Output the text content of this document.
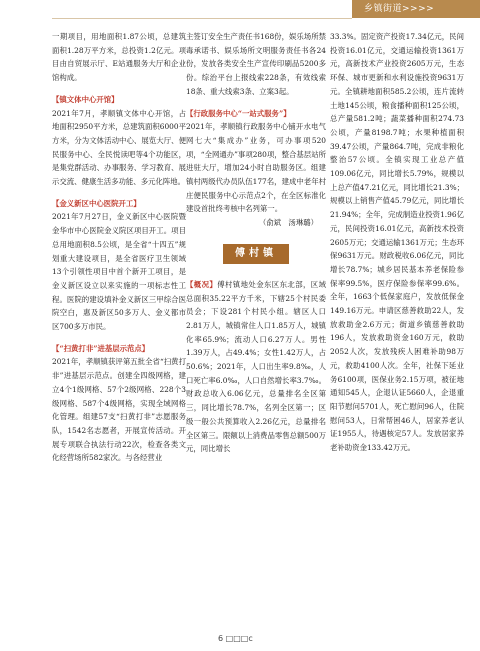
乡镇街道>>>>

一期项目，用地面积1.87公顷，总建筑面积1.28万平方米，总投资1.2亿元。项目由自贸展示厅、E站通服务大厅和企业馆构成。

【镇文体中心开馆】

2021年7月，孝顺镇文体中心开馆，占地面积2950平方米，总建筑面积6000平方米，分为文体活动中心、展览大厅、便民服务中心、全民悦读吧等4个功能区，是集党群活动、办事服务、学习教育、展示交流、健康生活多功能、多元化阵地。

【金义新区中心医院开工】

2021年7月27日，金义新区中心医院暨金华市中心医院金义院区项目开工。项目总用地面积8.5公顷，是全省“十四五”规划重大建设项目，是全省医疗卫生领域13个引领性项目中首个新开工项目，是金义新区设立以来实施的一项标志性工程。医院的建设填补金义新区三甲综合医院空白，惠及新区50多万人、金义都市区700多万市民。

【“扫黄打非”进基层示范点】

2021年，孝顺镇获评第五批全省“扫黄打非”进基层示范点。创建全四级网格，建立4个1级网格、57个2级网格、228个3级网格、587个4级网格，实现全域网格化管理。组建57支“扫黄打非”志愿服务队，1542名志愿者，开展宣传活动。开展专项联合执法行动22次，检查各类文化经营场所582家次。与各经营业

主签订安全生产责任书168份，娱乐场所禁毒承诺书、娱乐场所文明服务责任书各24份，发放各类安全生产宣传印刷品5200多份。综治平台上报线索228条，有效线索18条、重大线索3条、立案3起。

【行政服务中心“一站式服务”】

2021年，孝顺镇行政服务中心铺开水电气网七大“集成办”业务，可办事项520项，“全网通办”事项280项，整合基层站所进驻大厅，增加24小时自助服务区。组建镇村两级代办员队伍177名，建成中老年村庄便民服务中心示范点2个，在全区标准化建设首批终考核中名列第一。

（俞斌　汤琳璐）

傅村镇

【概况】傅村镇地处金东区东北部，区域总面积35.22平方千米，下辖25个村民委员会；下设281个村民小组。辖区人口2.81万人，城镇常住人口1.85万人，城镇化率65.9%；流动人口6.27万人。男性1.39万人，占49.4%；女性1.42万人，占50.6%；2021年，人口出生率9.8‰，人口死亡率6.0‰，人口自然增长率3.7‰。财政总收入6.06亿元，总量排名全区第三，同比增长78.7%，名列全区第一；区级一般公共预算收入2.26亿元，总量排名全区第三。限额以上消费品零售总额500万元，同比增长

33.3%。固定资产投资17.34亿元，民间投资16.01亿元，交通运输投资1361万元，高新技术产业投资2605万元，生态环保、城市更新和水利设施投资9631万元。全镇耕地面积585.2公顷，连片流转土地145公顷，粮食播种面积125公顷，总产量581.2吨；蔬菜播种面积274.73公顷，产量8198.7吨；水果种植面积39.47公顷，产量864.7吨，完成非粮化整治57公顷。全镇实现工业总产值109.06亿元，同比增长5.79%，规模以上总产值47.21亿元，同比增长21.3%；规模以上销售产值45.79亿元，同比增长21.94%；全年，完成制造业投资1.96亿元，民间投资16.01亿元，高新技术投资2605万元；交通运输1361万元；生态环保9631万元。财政税收6.06亿元，同比增长78.7%；城乡居民基本养老保险参保率99.5%，医疗保险参保率99.6%。全年，1663个低保家庭户，发放低保金149.16万元。申请区慈善救助22人，发放救助金2.6万元；街道乡镇慈善救助196人，发放救助资金160万元，救助2052人次，发放残疾人困难补助98万元，救助4100人次。全年，社保下延业务6100项，医保业务2.15万项，被征地通知545人，企退认证5660人，企退重阳节慰问5701人，死亡慰问96人，住院慰问53人，日常帮困46人，居家养老认证1955人，待遇核定57人。发放居家养老补助资金133.42万元。

6 □□□c
